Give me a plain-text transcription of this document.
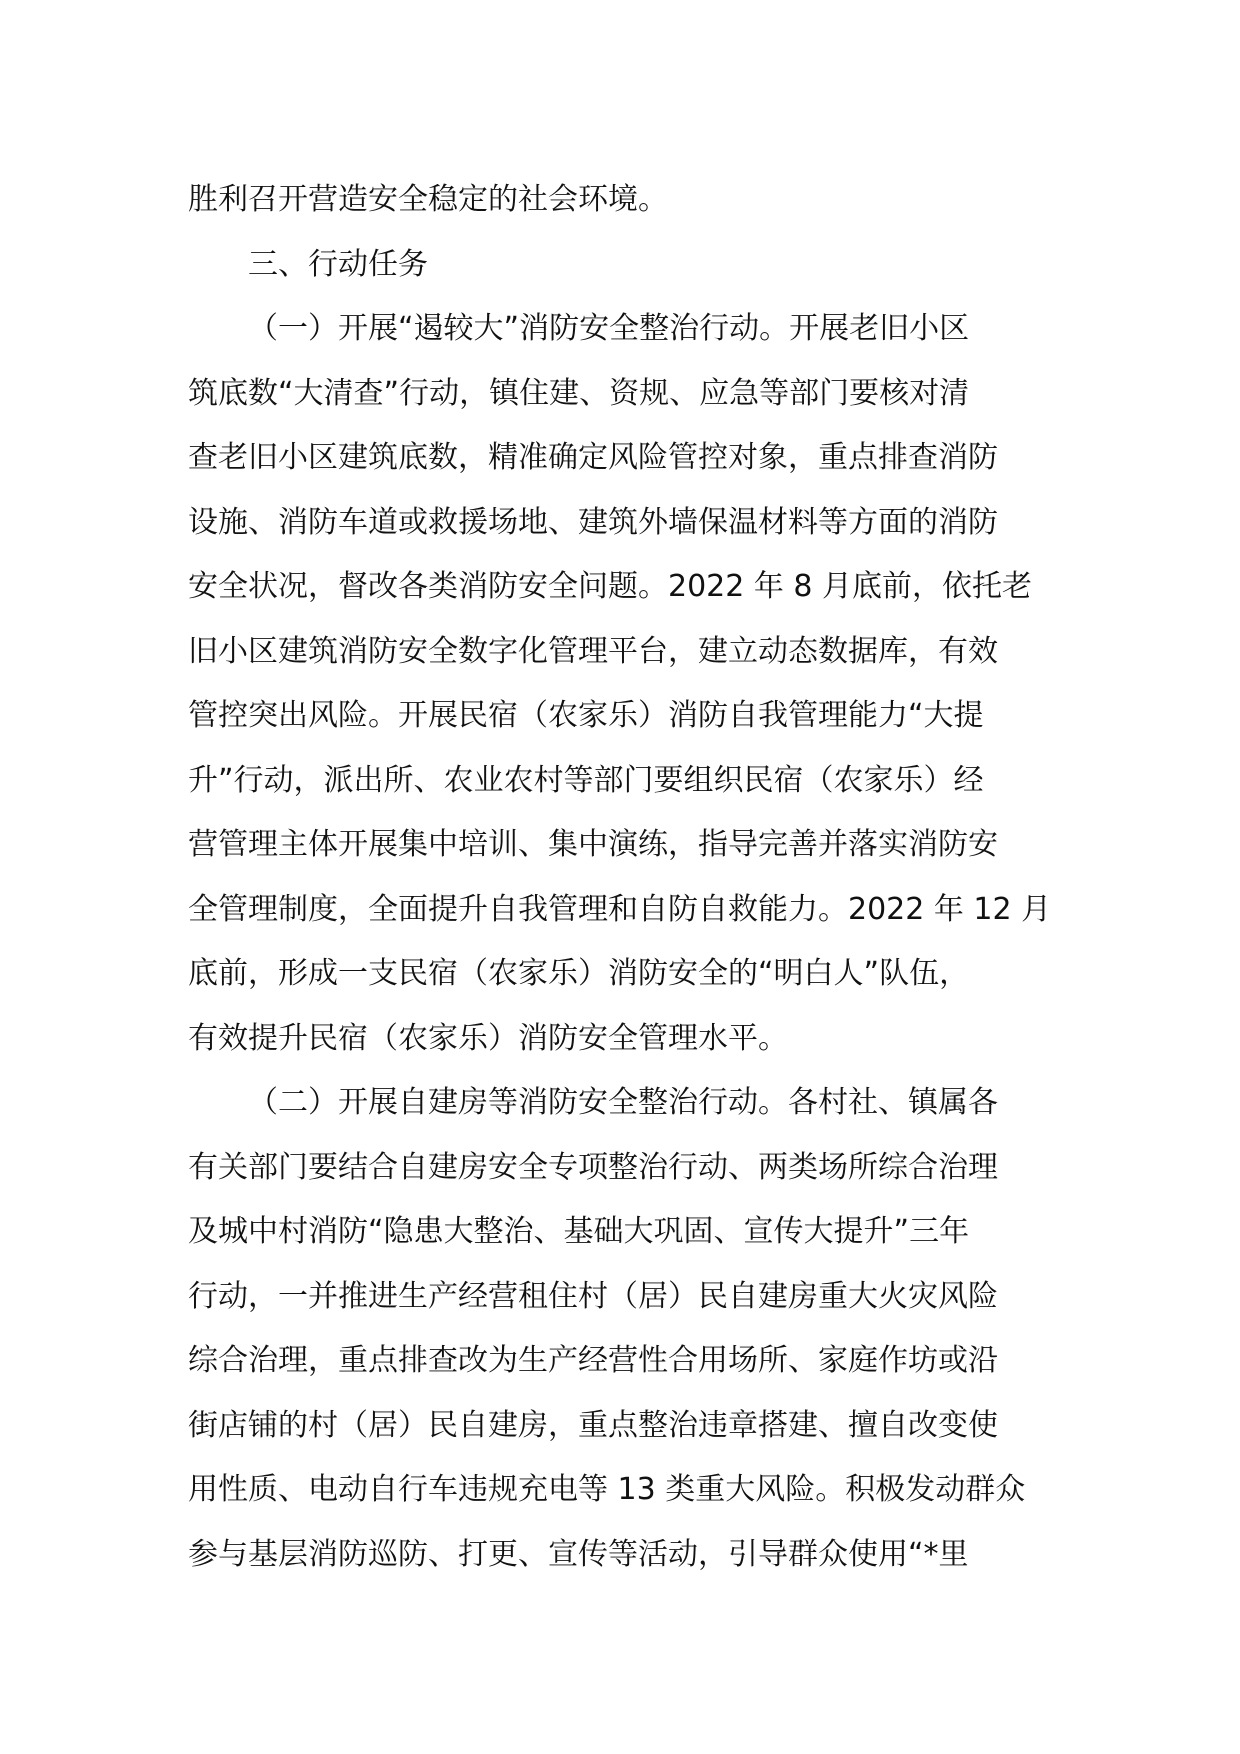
胜利召开营造安全稳定的社会环境。
三、行动任务
（一）开展“遏较大”消防安全整治行动。开展老旧小区
筑底数“大清查”行动，镇住建、资规、应急等部门要核对清
查老旧小区建筑底数，精准确定风险管控对象，重点排查消防
设施、消防车道或救援场地、建筑外墙保温材料等方面的消防
安全状况，督改各类消防安全问题。2022 年 8 月底前，依托老
旧小区建筑消防安全数字化管理平台，建立动态数据库，有效
管控突出风险。开展民宿（农家乐）消防自我管理能力“大提
升”行动，派出所、农业农村等部门要组织民宿（农家乐）经
营管理主体开展集中培训、集中演练，指导完善并落实消防安
全管理制度，全面提升自我管理和自防自救能力。2022 年 12 月
底前，形成一支民宿（农家乐）消防安全的“明白人”队伍，
有效提升民宿（农家乐）消防安全管理水平。
（二）开展自建房等消防安全整治行动。各村社、镇属各
有关部门要结合自建房安全专项整治行动、两类场所综合治理
及城中村消防“隐患大整治、基础大巩固、宣传大提升”三年
行动，一并推进生产经营租住村（居）民自建房重大火灾风险
综合治理，重点排查改为生产经营性合用场所、家庭作坊或沿
街店铺的村（居）民自建房，重点整治违章搭建、擅自改变使
用性质、电动自行车违规充电等 13 类重大风险。积极发动群众
参与基层消防巡防、打更、宣传等活动，引导群众使用“*里
